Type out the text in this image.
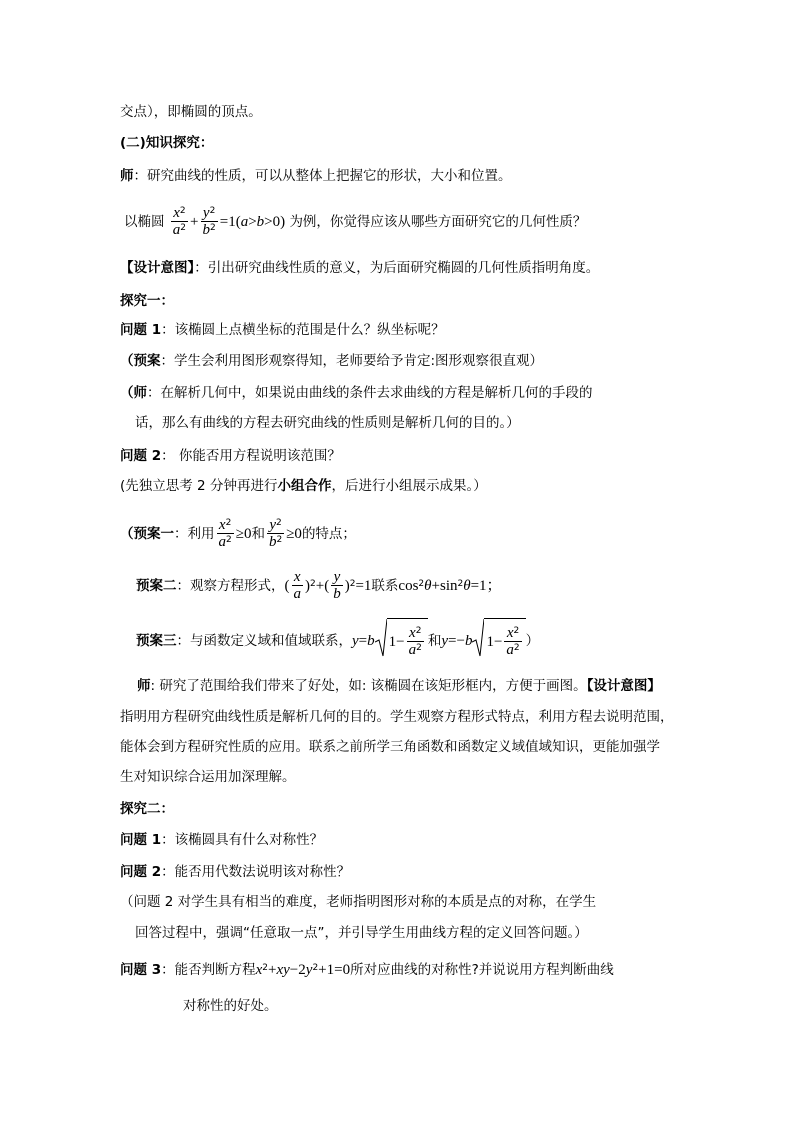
交点），即椭圆的顶点。
(二)知识探究：
师：研究曲线的性质，可以从整体上把握它的形状，大小和位置。
以椭圆 $\frac{x^2}{a^2} + \frac{y^2}{b^2} =1(a>b>0)$ 为例，你觉得应该从哪些方面研究它的几何性质？
【设计意图】：引出研究曲线性质的意义，为后面研究椭圆的几何性质指明角度。
探究一：
问题 1：该椭圆上点横坐标的范围是什么？纵坐标呢？
（预案：学生会利用图形观察得知，老师要给予肯定:图形观察很直观）
（师：在解析几何中，如果说由曲线的条件去求曲线的方程是解析几何的手段的
话，那么有曲线的方程去研究曲线的性质则是解析几何的目的。）
问题 2： 你能否用方程说明该范围？
(先独立思考 2 分钟再进行小组合作，后进行小组展示成果。）
（预案一：利用 $\frac{x^2}{a^2} \ge 0$和 $\frac{y^2}{b^2} \ge 0$的特点；
预案二：观察方程形式，( $\frac{x}{a} )^2+( \frac{y}{b} )^2=1$联系$\cos^2\theta+\sin^2\theta=1$；
预案三：与函数定义域和值域联系，y=b $1- \frac{x^2}{a^2}$ 和y=−b $1- \frac{x^2}{a^2}$ ）
师: 研究了范围给我们带来了好处，如: 该椭圆在该矩形框内，方便于画图。【设计意图】
指明用方程研究曲线性质是解析几何的目的。学生观察方程形式特点，利用方程去说明范围，
能体会到方程研究性质的应用。联系之前所学三角函数和函数定义域值域知识，更能加强学
生对知识综合运用加深理解。
探究二：
问题 1：该椭圆具有什么对称性？
问题 2：能否用代数法说明该对称性？
（问题 2 对学生具有相当的难度，老师指明图形对称的本质是点的对称，在学生
回答过程中，强调“任意取一点”，并引导学生用曲线方程的定义回答问题。）
问题 3：能否判断方程$x^2+xy-2y^2+1=0$所对应曲线的对称性?并说说用方程判断曲线
对称性的好处。
